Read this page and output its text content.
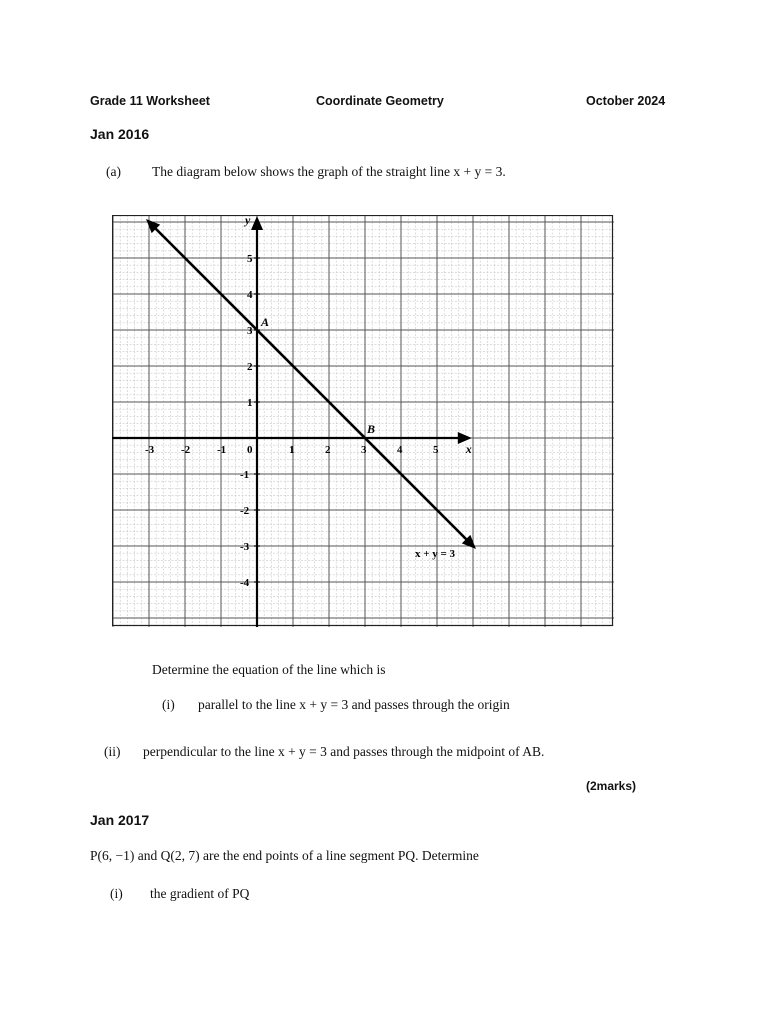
Grade 11 Worksheet	Coordinate Geometry	October 2024
Jan 2016
(a) The diagram below shows the graph of the straight line x + y = 3.
x
y
-3 -2 -1 0	1	2	3	4	5
5
4
3
2
1
-1
-2
-3
-4
A
B
x + y = 3
Determine the equation of the line which is
(i) parallel to the line x + y = 3 and passes through the origin
(ii) perpendicular to the line x + y = 3 and passes through the midpoint of AB.
(2marks)
Jan 2017
P(6, −1) and Q(2, 7) are the end points of a line segment PQ. Determine
(i) the gradient of PQ
